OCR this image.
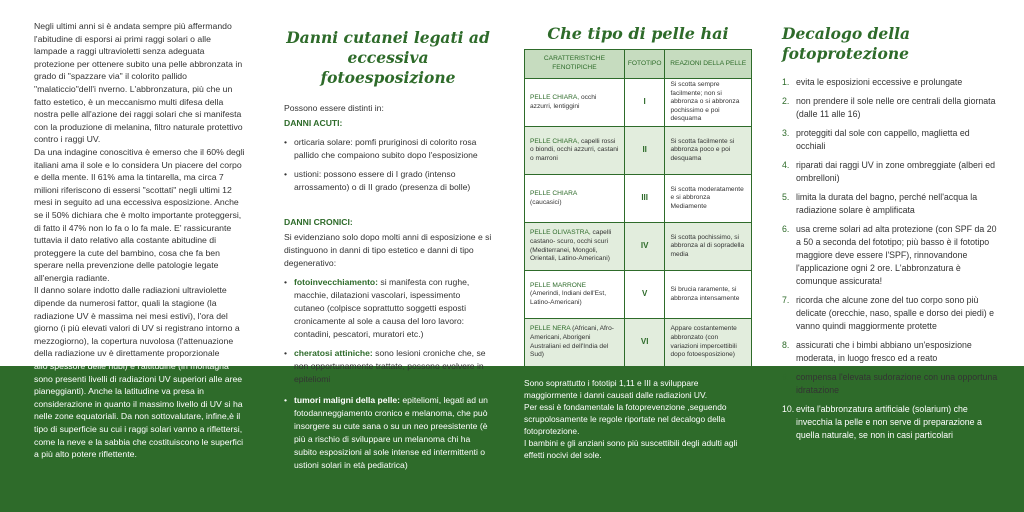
Negli ultimi anni si è andata sempre più affermando l'abitudine di esporsi ai primi raggi solari o alle lampade a raggi ultravioletti senza adeguata protezione per ottenere subito una pelle abbronzata in grado di "spazzare via" il colorito pallido "malaticcio"dell'i nverno. L'abbronzatura, più che un fatto estetico, è un meccanismo multi difesa della nostra pelle all'azione dei raggi solari che si manifesta con la produzione di melanina, filtro naturale protettivo contro i raggi UV.

Da una indagine conoscitiva è emerso che il 60% degli italiani ama il sole e lo considera Un piacere del corpo e della mente. Il 61% ama la tintarella, ma circa 7 milioni riferiscono di essersi "scottati" negli ultimi 12 mesi in seguito ad una eccessiva esposizione. Anche se il 50% dichiara che è molto importante proteggersi, di fatto il 47% non lo fa o lo fa male. E' rassicurante tuttavia il dato relativo alla costante abitudine di proteggere la cute del bambino, cosa che fa ben sperare nella prevenzione delle patologie legate all'energia radiante.

Il danno solare indotto dalle radiazioni ultraviolette dipende da numerosi fattor, quali la stagione (la radiazione UV è massima nei mesi estivi), l'ora del giorno (i più elevati valori di UV si registrano intorno a mezzogiorno), la copertura nuvolosa (l'attenuazione della radiazione uv è direttamente proporzionale

allo spessore delle nubi) e l'altitudine (in montagna sono presenti livelli di radiazioni UV superiori alle aree pianeggianti). Anche la latitudine va presa in considerazione in quanto il massimo livello di UV si ha nelle zone equatoriali. Da non sottovalutare, infine,è il tipo di superficie su cui i raggi solari vanno a riflettersi, come la neve e la sabbia che costituiscono le superfici a più alto potere riflettente.

Danni cutanei legati ad eccessiva fotoesposizione

Possono essere distinti in:

DANNI ACUTI:

• orticaria solare: pomfi pruriginosi di colorito rosa pallido che compaiono subito dopo l'esposizione
• ustioni: possono essere di I grado (intenso arrossamento) o di II grado (presenza di bolle)

DANNI CRONICI:

Si evidenziano solo dopo molti anni di esposizione e si distinguono in danni di tipo estetico e danni di tipo degenerativo:

• fotoinvecchiamento: si manifesta con rughe, macchie, dilatazioni vascolari, ispessimento cutaneo (colpisce soprattutto soggetti esposti cronicamente al sole a causa del loro lavoro: contadini, pescatori, muratori etc.)
• cheratosi attiniche: sono lesioni croniche che, se non opportunamente trattate, possono evolvere in epiteliomi
• tumori maligni della pelle: epiteliomi, legati ad un fotodanneggiamento cronico e melanoma, che può insorgere su cute sana o su un neo preesistente (è più a rischio di sviluppare un melanoma chi ha subito esposizioni al sole intense ed intermittenti o ustioni solari in età pediatrica)
Che tipo di pelle hai
CARATTERISTICHE FENOTIPICHE	FOTOTIPO	REAZIONI DELLA PELLE
PELLE CHIARA, occhi azzurri, lentiggini	I	Si scotta sempre facilmente; non si abbronza o si abbronza pochissimo e poi desquama
PELLE CHIARA, capelli rossi o biondi, occhi azzurri, castani o marroni	II	Si scotta facilmente si abbronza poco e poi desquama
PELLE CHIARA
(caucasici)	III	Si scotta moderatamente e si abbronza Mediamente
PELLE OLIVASTRA, capelli castano- scuro, occhi scuri (Mediterranei, Mongoli, Orientali, Latino-Americani)	IV	Si scotta pochissimo, si abbronza al di sopradella media
PELLE MARRONE
(Amerindi, Indiani dell'Est, Latino-Americani)	V	Si brucia raramente, si abbronza intensamente
PELLE NERA (Africani, Afro-Americani, Aborigeni Australiani ed dell'India del Sud)	VI	Appare costantemente abbronzato (con variazioni impercettibili dopo fotoesposizione)

Sono soprattutto i fototipi 1,11 e III a sviluppare maggiormente i danni causati dalle radiazioni UV.

Per essi è fondamentale la fotoprevenzione ,seguendo scrupolosamente le regole riportate nel decalogo della fotoprotezione.

I bambini e gli anziani sono più suscettibili degli adulti agli effetti nocivi del sole.

Decalogo della fotoprotezione
1. evita le esposizioni eccessive e prolungate
2. non prendere il sole nelle ore centrali della giornata (dalle 11 alle 16)
3. proteggiti dal sole con cappello, maglietta ed occhiali
4. riparati dai raggi UV in zone ombreggiate (alberi ed ombrelloni)
5. limita la durata del bagno, perché nell'acqua la radiazione solare è amplificata
6. usa creme solari ad alta protezione (con SPF da 20 a 50 a seconda del fototipo; più basso è il fototipo maggiore deve essere l'SPF), rinnovandone l'applicazione ogni 2 ore. L'abbronzatura è comunque assicurata!
7. ricorda che alcune zone del tuo corpo sono più delicate (orecchie, naso, spalle e dorso dei piedi) e vanno quindi maggiormente protette
8. assicurati che i bimbi abbiano un'esposizione moderata, in luogo fresco ed a reato
9. compensa l'elevata sudorazione con una opportuna idratazione
10. evita l'abbronzatura artificiale (solarium) che invecchia la pelle e non serve di preparazione a quella naturale, se non in casi particolari
